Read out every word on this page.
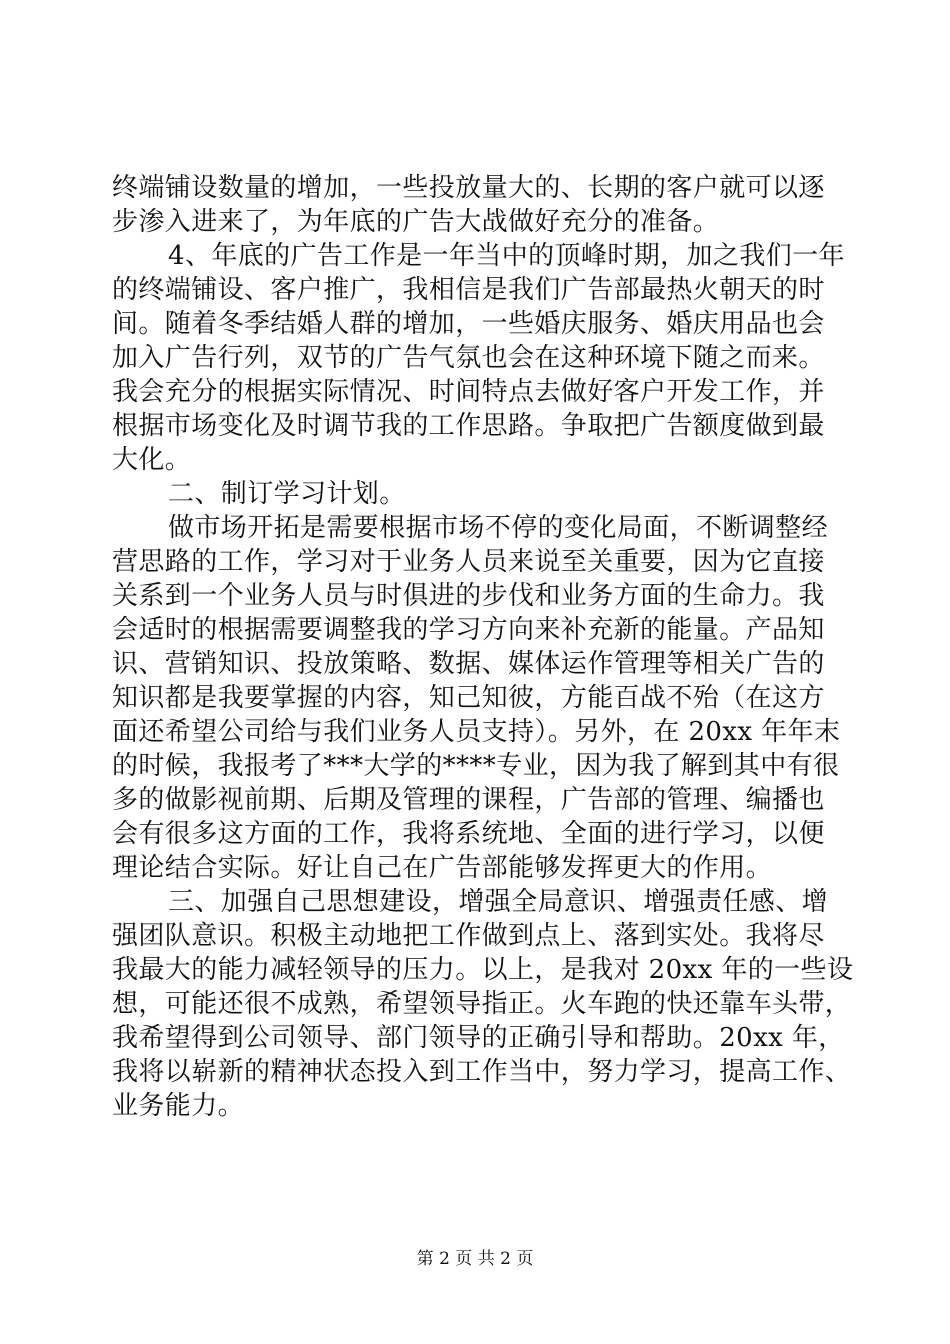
终端铺设数量的增加，一些投放量大的、长期的客户就可以逐
步渗入进来了，为年底的广告大战做好充分的准备。
4、年底的广告工作是一年当中的顶峰时期，加之我们一年
的终端铺设、客户推广，我相信是我们广告部最热火朝天的时
间。随着冬季结婚人群的增加，一些婚庆服务、婚庆用品也会
加入广告行列，双节的广告气氛也会在这种环境下随之而来。
我会充分的根据实际情况、时间特点去做好客户开发工作，并
根据市场变化及时调节我的工作思路。争取把广告额度做到最
大化。
二、制订学习计划。
做市场开拓是需要根据市场不停的变化局面，不断调整经
营思路的工作，学习对于业务人员来说至关重要，因为它直接
关系到一个业务人员与时俱进的步伐和业务方面的生命力。我
会适时的根据需要调整我的学习方向来补充新的能量。产品知
识、营销知识、投放策略、数据、媒体运作管理等相关广告的
知识都是我要掌握的内容，知己知彼，方能百战不殆（在这方
面还希望公司给与我们业务人员支持）。另外，在 20xx 年年末
的时候，我报考了***大学的****专业，因为我了解到其中有很
多的做影视前期、后期及管理的课程，广告部的管理、编播也
会有很多这方面的工作，我将系统地、全面的进行学习，以便
理论结合实际。好让自己在广告部能够发挥更大的作用。
三、加强自己思想建设，增强全局意识、增强责任感、增
强团队意识。积极主动地把工作做到点上、落到实处。我将尽
我最大的能力减轻领导的压力。以上，是我对 20xx 年的一些设
想，可能还很不成熟，希望领导指正。火车跑的快还靠车头带，
我希望得到公司领导、部门领导的正确引导和帮助。20xx 年，
我将以崭新的精神状态投入到工作当中，努力学习，提高工作、
业务能力。
第 2 页 共 2 页
